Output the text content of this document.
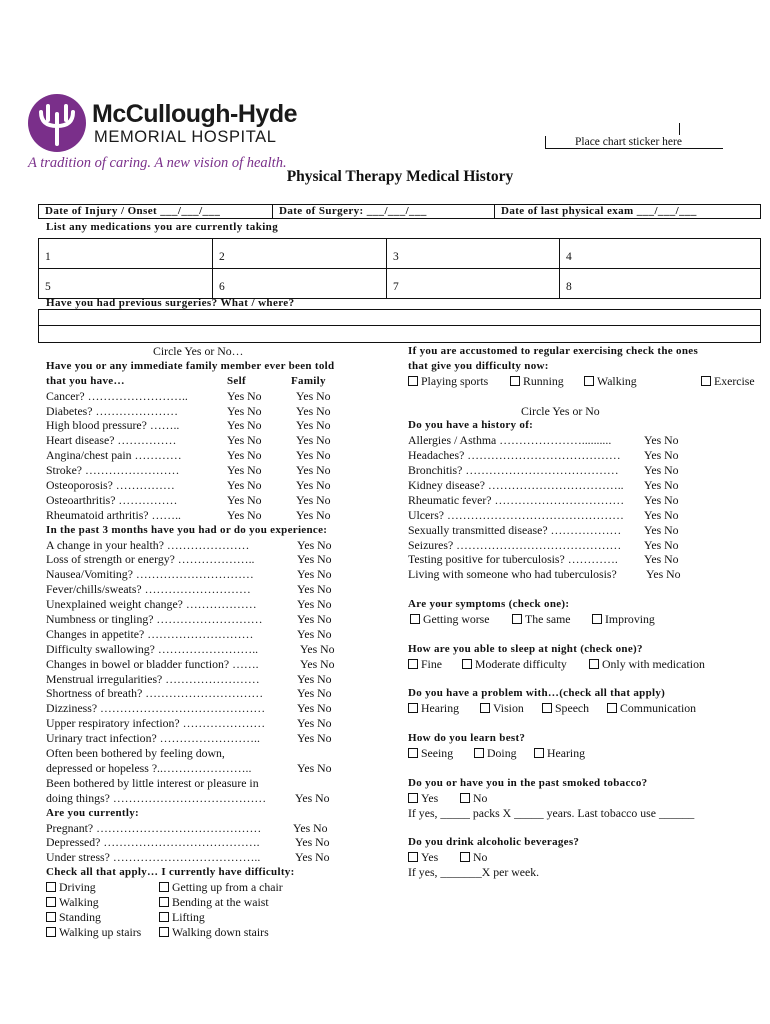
McCullough-Hyde
MEMORIAL HOSPITAL
A tradition of caring. A new vision of health.
Place chart sticker here
Physical Therapy Medical History
Date of Injury / Onset ___/___/___	Date of Surgery: ___/___/___	Date of last physical exam ___/___/___
List any medications you are currently taking
1	2	3	4
5	6	7	8
Have you had previous surgeries? What / where?
Circle Yes or No…
Have you or any immediate family member ever been told
that you have…	Self	Family
Cancer? ……………………..	Yes No	Yes No
Diabetes? …………………	Yes No	Yes No
High blood pressure? ……..	Yes No	Yes No
Heart disease? ……………	Yes No	Yes No
Angina/chest pain …………	Yes No	Yes No
Stroke? ……………………	Yes No	Yes No
Osteoporosis? ……………	Yes No	Yes No
Osteoarthritis? ……………	Yes No	Yes No
Rheumatoid arthritis? ……..	Yes No	Yes No
In the past 3 months have you had or do you experience:
A change in your health? …………………	Yes No
Loss of strength or energy? ………………..	Yes No
Nausea/Vomiting? …………………………	Yes No
Fever/chills/sweats? ………………………	Yes No
Unexplained weight change? ………………	Yes No
Numbness or tingling? ………………………	Yes No
Changes in appetite? ………………………	Yes No
Difficulty swallowing? ……………………..	Yes No
Changes in bowel or bladder function? …….	Yes No
Menstrual irregularities? ……………………	Yes No
Shortness of breath? …………………………	Yes No
Dizziness? ……………………………………	Yes No
Upper respiratory infection? …………………	Yes No
Urinary tract infection? ……………………..	Yes No
Often been bothered by feeling down,
depressed or hopeless ?..…………………..	Yes No
Been bothered by little interest or pleasure in
doing things? ………………………………… Yes No
Are you currently:
Pregnant? ……………………………………	Yes No
Depressed? ………………………………….	Yes No
Under stress? ………………………………..	Yes No
Check all that apply… I currently have difficulty:
Driving	Getting up from a chair
Walking	Bending at the waist
Standing	Lifting
Walking up stairs	Walking down stairs
If you are accustomed to regular exercising check the ones
that give you difficulty now:
Playing sports	Running	Walking	Exercise
Circle Yes or No
Do you have a history of:
Allergies / Asthma …………………..........	Yes No
Headaches? ………………………………… Yes No
Bronchitis? ………………………………… Yes No
Kidney disease? …………………………….. Yes No
Rheumatic fever? …………………………… Yes No
Ulcers? ……………………………………… Yes No
Sexually transmitted disease? ……………… Yes No
Seizures? …………………………………… Yes No
Testing positive for tuberculosis? …………. Yes No
Living with someone who had tuberculosis? Yes No
Are your symptoms (check one):
Getting worse	The same	Improving
How are you able to sleep at night (check one)?
Fine	Moderate difficulty	Only with medication
Do you have a problem with…(check all that apply)
Hearing	Vision	Speech	Communication
How do you learn best?
Seeing	Doing	Hearing
Do you or have you in the past smoked tobacco?
Yes	No
If yes, _____ packs X _____ years. Last tobacco use ______
Do you drink alcoholic beverages?
Yes	No
If yes, _______X per week.
